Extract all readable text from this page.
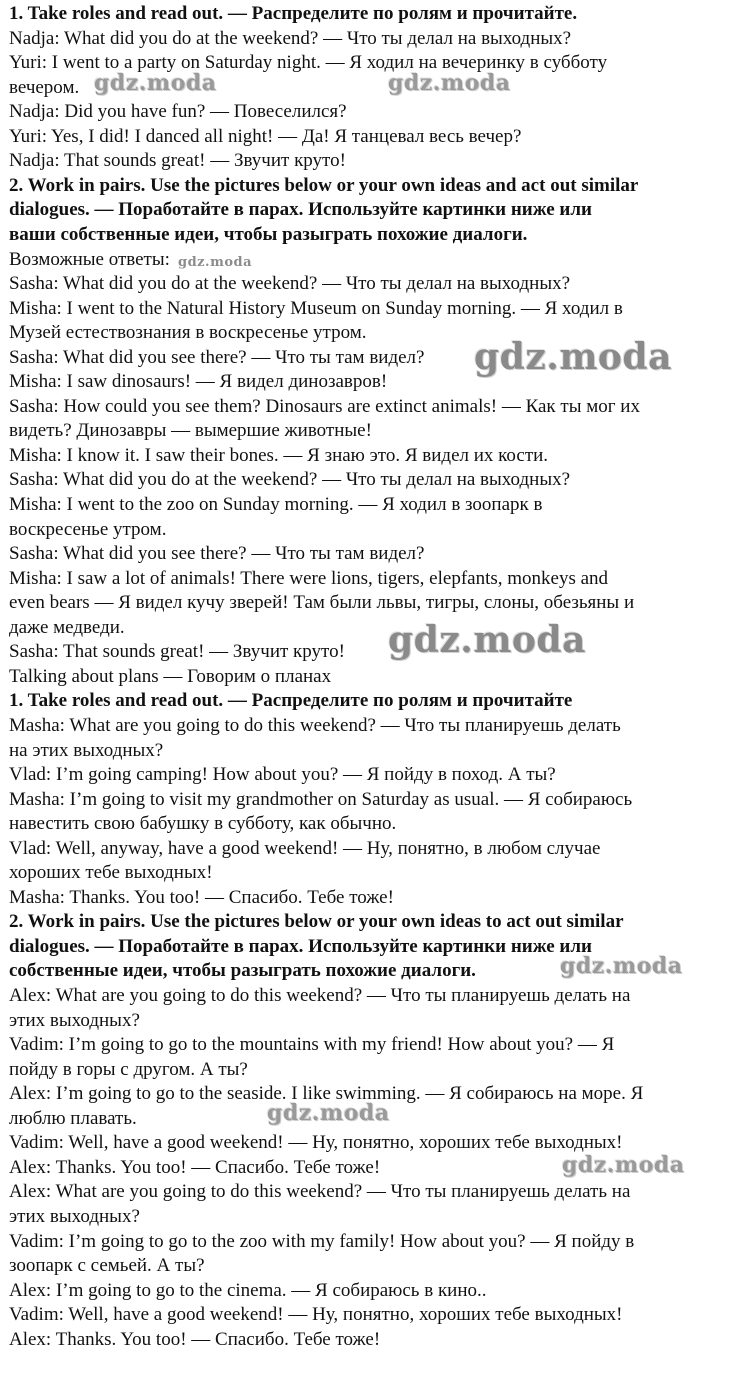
1. Take roles and read out. — Распределите по ролям и прочитайте.
Nadja: What did you do at the weekend? — Что ты делал на выходных?
Yuri: I went to a party on Saturday night. — Я ходил на вечеринку в субботу
вечером.
Nadja: Did you have fun? — Повеселился?
Yuri: Yes, I did! I danced all night! — Да! Я танцевал весь вечер?
Nadja: That sounds great! — Звучит круто!
2. Work in pairs. Use the pictures below or your own ideas and act out similar
dialogues. — Поработайте в парах. Используйте картинки ниже или
ваши собственные идеи, чтобы разыграть похожие диалоги.
Возможные ответы:
Sasha: What did you do at the weekend? — Что ты делал на выходных?
Misha: I went to the Natural History Museum on Sunday morning. — Я ходил в
Музей естествознания в воскресенье утром.
Sasha: What did you see there? — Что ты там видел?
Misha: I saw dinosaurs! — Я видел динозавров!
Sasha: How could you see them? Dinosaurs are extinct animals! — Как ты мог их
видеть? Динозавры — вымершие животные!
Misha: I know it. I saw their bones. — Я знаю это. Я видел их кости.
Sasha: What did you do at the weekend? — Что ты делал на выходных?
Misha: I went to the zoo on Sunday morning. — Я ходил в зоопарк в
воскресенье утром.
Sasha: What did you see there? — Что ты там видел?
Misha: I saw a lot of animals! There were lions, tigers, elepfants, monkeys and
even bears — Я видел кучу зверей! Там были львы, тигры, слоны, обезьяны и
даже медведи.
Sasha: That sounds great! — Звучит круто!
Talking about plans — Говорим о планах
1. Take roles and read out. — Распределите по ролям и прочитайте
Masha: What are you going to do this weekend? — Что ты планируешь делать
на этих выходных?
Vlad: I’m going camping! How about you? — Я пойду в поход. А ты?
Masha: I’m going to visit my grandmother on Saturday as usual. — Я собираюсь
навестить свою бабушку в субботу, как обычно.
Vlad: Well, anyway, have a good weekend! — Ну, понятно, в любом случае
хороших тебе выходных!
Masha: Thanks. You too! — Спасибо. Тебе тоже!
2. Work in pairs. Use the pictures below or your own ideas to act out similar
dialogues. — Поработайте в парах. Используйте картинки ниже или
собственные идеи, чтобы разыграть похожие диалоги.
Alex: What are you going to do this weekend? — Что ты планируешь делать на
этих выходных?
Vadim: I’m going to go to the mountains with my friend! How about you? — Я
пойду в горы с другом. А ты?
Alex: I’m going to go to the seaside. I like swimming. — Я собираюсь на море. Я
люблю плавать.
Vadim: Well, have a good weekend! — Ну, понятно, хороших тебе выходных!
Alex: Thanks. You too! — Спасибо. Тебе тоже!
Alex: What are you going to do this weekend? — Что ты планируешь делать на
этих выходных?
Vadim: I’m going to go to the zoo with my family! How about you? — Я пойду в
зоопарк с семьей. А ты?
Alex: I’m going to go to the cinema. — Я собираюсь в кино..
Vadim: Well, have a good weekend! — Ну, понятно, хороших тебе выходных!
Alex: Thanks. You too! — Спасибо. Тебе тоже!
gdz.moda	gdz.moda
gdz.moda
gdz.moda
gdz.moda
gdz.moda
gdz.moda
gdz.moda
